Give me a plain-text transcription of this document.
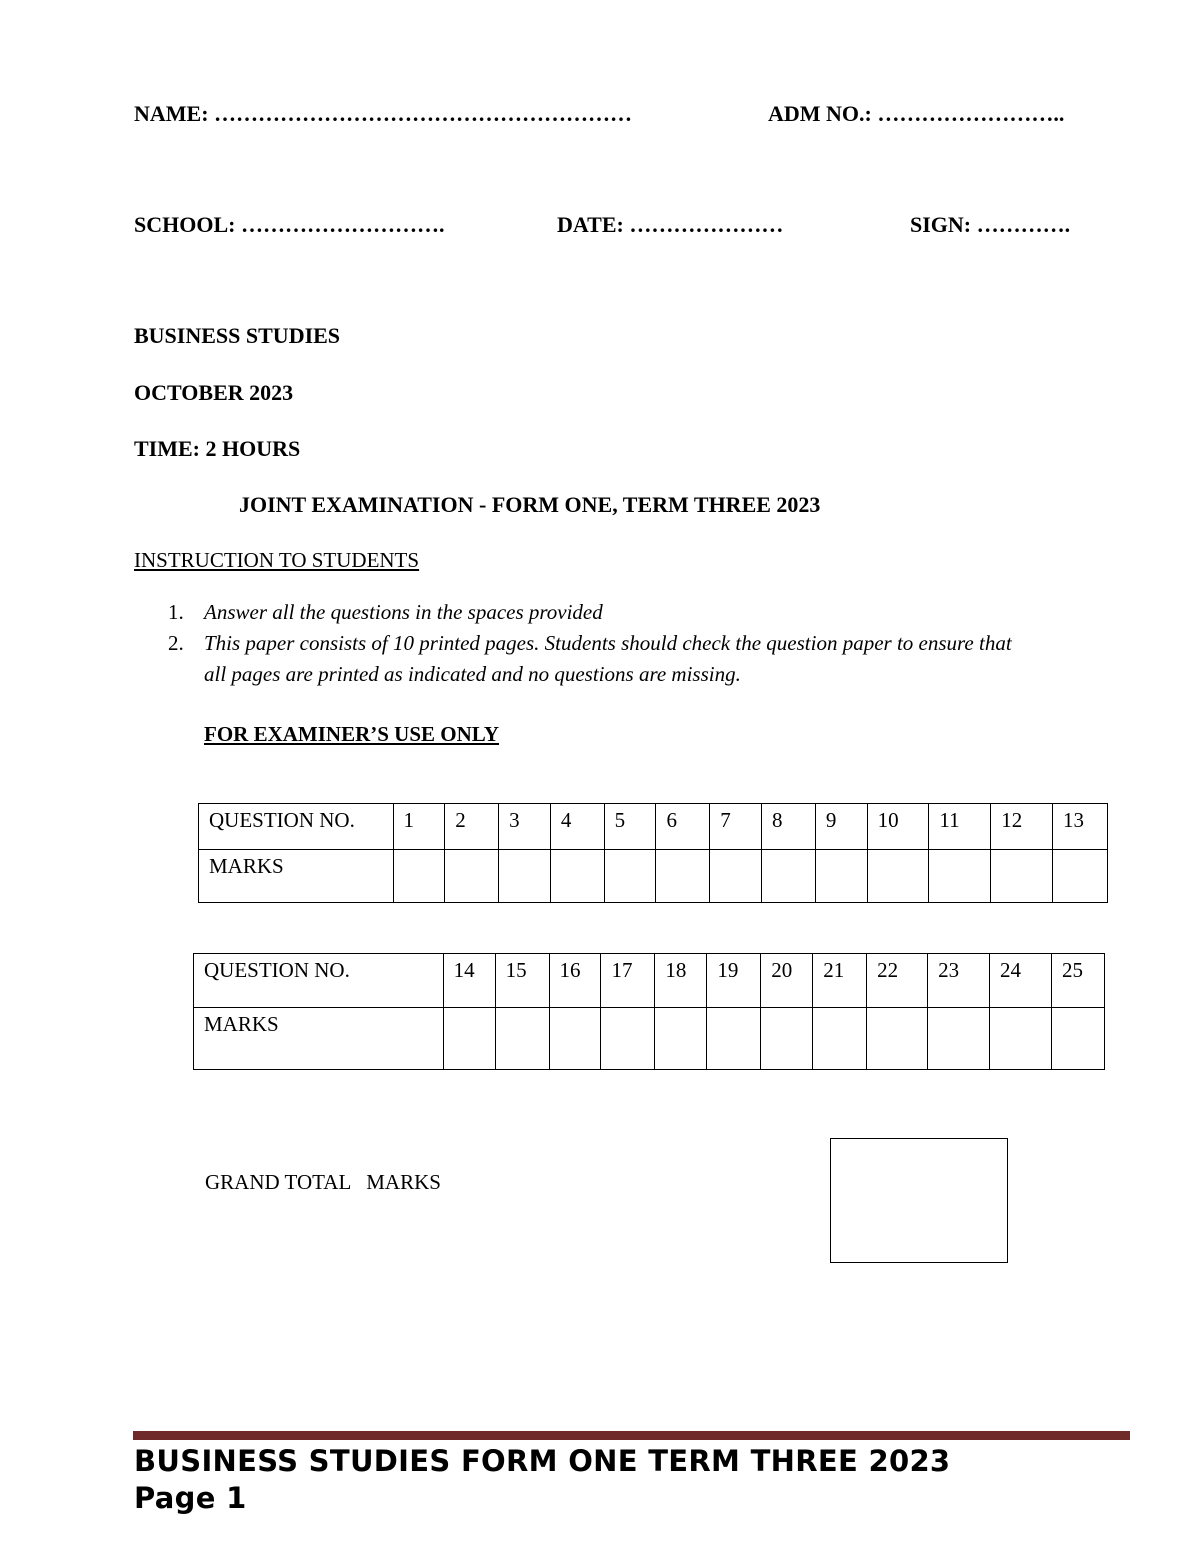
NAME: …………………………………………………	ADM NO.: ……………………..
SCHOOL: ……………………….	DATE: …………………	SIGN: ………….
BUSINESS STUDIES
OCTOBER 2023
TIME: 2 HOURS
JOINT EXAMINATION - FORM ONE, TERM THREE 2023
INSTRUCTION TO STUDENTS
1. Answer all the questions in the spaces provided
2. This paper consists of 10 printed pages. Students should check the question paper to ensure that
all pages are printed as indicated and no questions are missing.
FOR EXAMINER’S USE ONLY
QUESTION NO.	1	2	3	4	5	6	7	8	9	10	11	12	13
MARKS													
QUESTION NO.	14	15	16	17	18	19	20	21	22	23	24	25
MARKS												
GRAND TOTAL   MARKS
BUSINESS STUDIES FORM ONE TERM THREE 2023
Page 1
